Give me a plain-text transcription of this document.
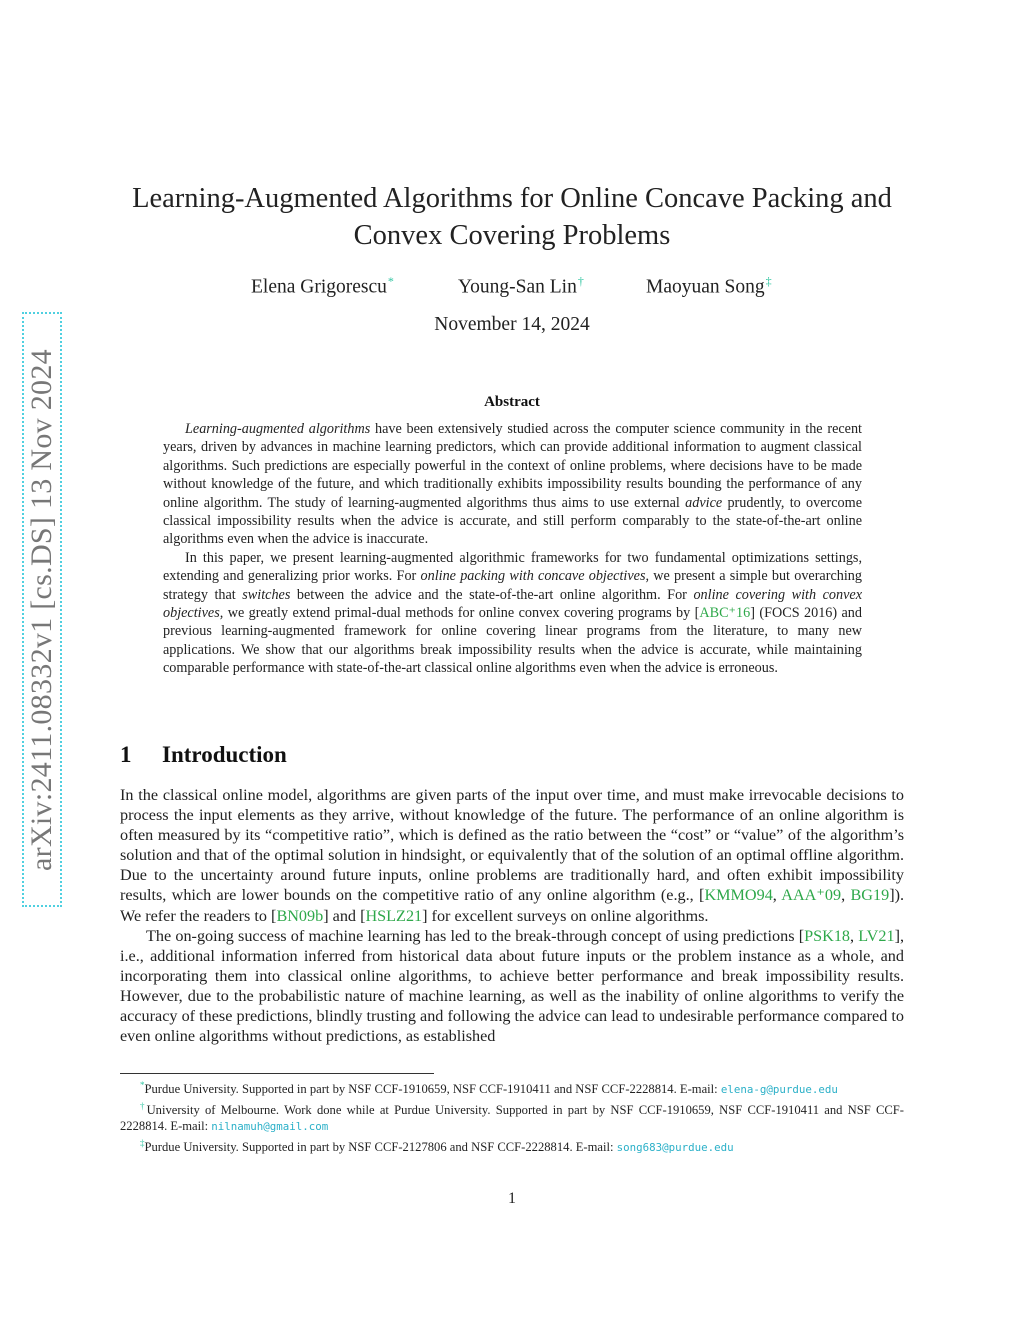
arXiv:2411.08332v1 [cs.DS] 13 Nov 2024
Learning-Augmented Algorithms for Online Concave Packing and Convex Covering Problems
Elena Grigorescu*	Young-San Lin†	Maoyuan Song‡
November 14, 2024
Abstract

Learning-augmented algorithms have been extensively studied across the computer science community in the recent years, driven by advances in machine learning predictors, which can provide additional information to augment classical algorithms. Such predictions are especially powerful in the context of online problems, where decisions have to be made without knowledge of the future, and which traditionally exhibits impossibility results bounding the performance of any online algorithm. The study of learning-augmented algorithms thus aims to use external advice prudently, to overcome classical impossibility results when the advice is accurate, and still perform comparably to the state-of-the-art online algorithms even when the advice is inaccurate.

In this paper, we present learning-augmented algorithmic frameworks for two fundamental optimizations settings, extending and generalizing prior works. For online packing with concave objectives, we present a simple but overarching strategy that switches between the advice and the state-of-the-art online algorithm. For online covering with convex objectives, we greatly extend primal-dual methods for online convex covering programs by [ABC⁺16] (FOCS 2016) and previous learning-augmented framework for online covering linear programs from the literature, to many new applications. We show that our algorithms break impossibility results when the advice is accurate, while maintaining comparable performance with state-of-the-art classical online algorithms even when the advice is erroneous.

1 Introduction

In the classical online model, algorithms are given parts of the input over time, and must make irrevocable decisions to process the input elements as they arrive, without knowledge of the future. The performance of an online algorithm is often measured by its “competitive ratio”, which is defined as the ratio between the “cost” or “value” of the algorithm’s solution and that of the optimal solution in hindsight, or equivalently that of the solution of an optimal offline algorithm. Due to the uncertainty around future inputs, online problems are traditionally hard, and often exhibit impossibility results, which are lower bounds on the competitive ratio of any online algorithm (e.g., [KMMO94, AAA⁺09, BG19]). We refer the readers to [BN09b] and [HSLZ21] for excellent surveys on online algorithms.

The on-going success of machine learning has led to the break-through concept of using predictions [PSK18, LV21], i.e., additional information inferred from historical data about future inputs or the problem instance as a whole, and incorporating them into classical online algorithms, to achieve better performance and break impossibility results. However, due to the probabilistic nature of machine learning, as well as the inability of online algorithms to verify the accuracy of these predictions, blindly trusting and following the advice can lead to undesirable performance compared to even online algorithms without predictions, as established

*Purdue University. Supported in part by NSF CCF-1910659, NSF CCF-1910411 and NSF CCF-2228814. E-mail: elena-g@purdue.edu

†University of Melbourne. Work done while at Purdue University. Supported in part by NSF CCF-1910659, NSF CCF-1910411 and NSF CCF-2228814. E-mail: nilnamuh@gmail.com

‡Purdue University. Supported in part by NSF CCF-2127806 and NSF CCF-2228814. E-mail: song683@purdue.edu

1
